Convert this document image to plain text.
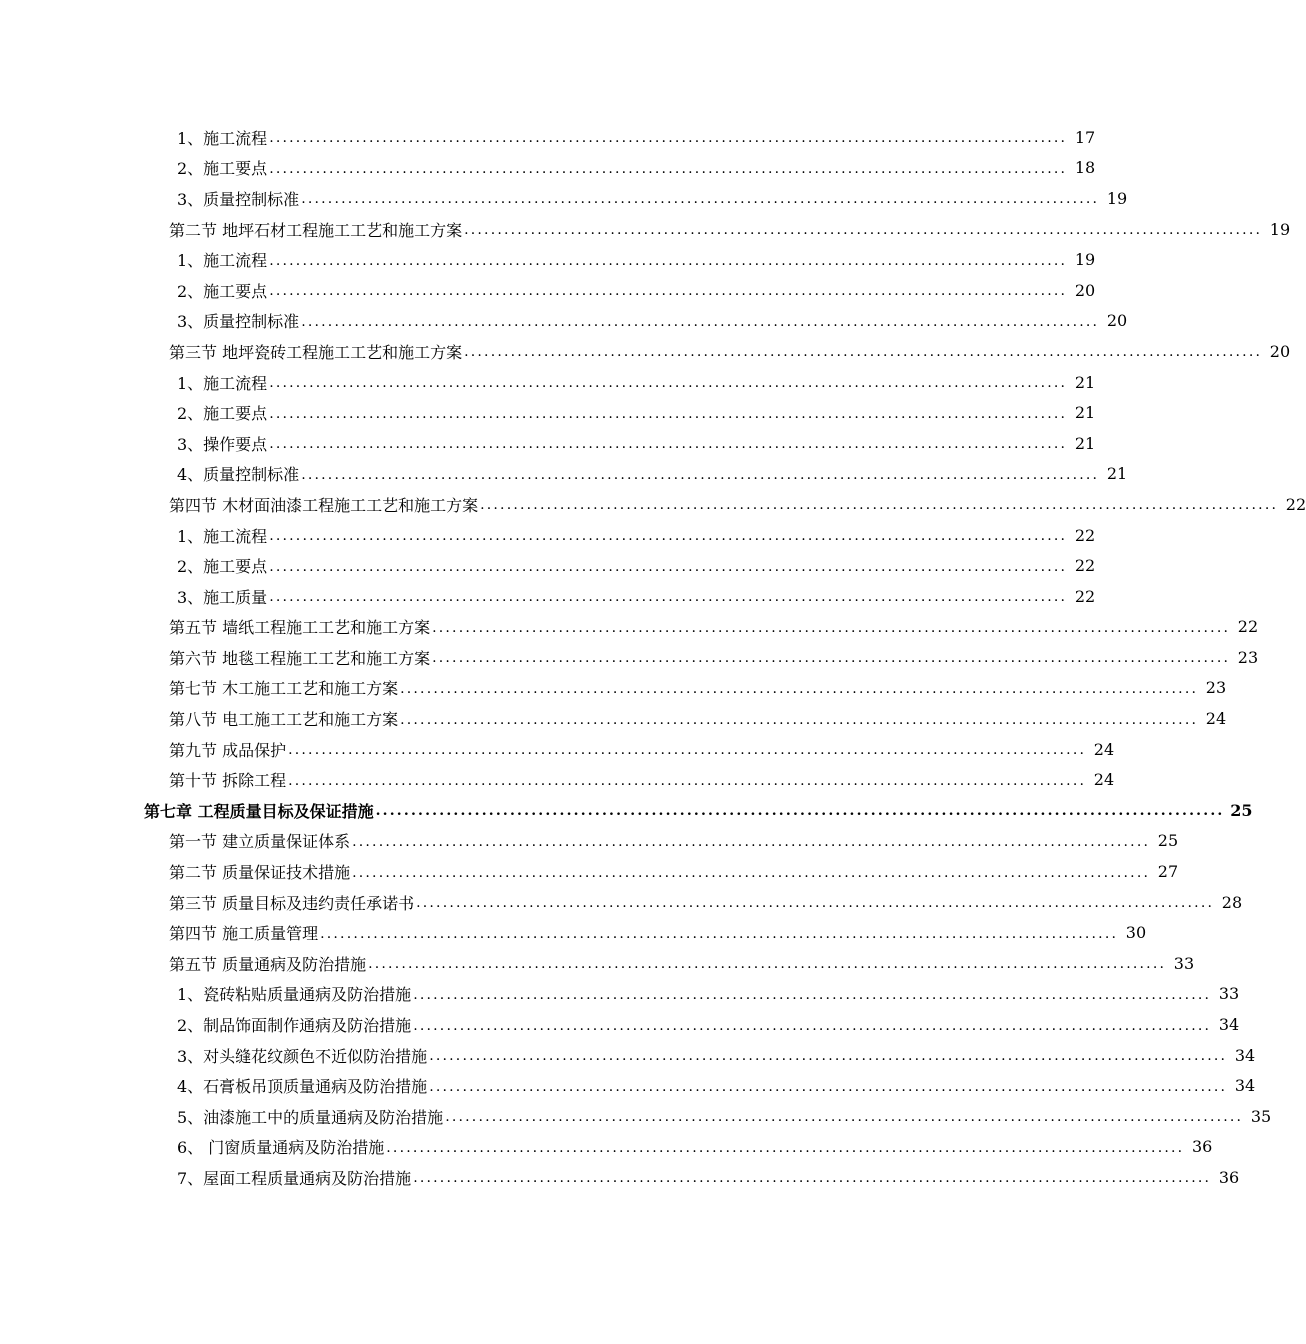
1、施工流程 ........................................................................................................................ 17
2、施工要点 ........................................................................................................................ 18
3、质量控制标准 ........................................................................................................................ 19
第二节 地坪石材工程施工工艺和施工方案 ........................................................................................................................ 19
1、施工流程 ........................................................................................................................ 19
2、施工要点 ........................................................................................................................ 20
3、质量控制标准 ........................................................................................................................ 20
第三节 地坪瓷砖工程施工工艺和施工方案 ........................................................................................................................ 20
1、施工流程 ........................................................................................................................ 21
2、施工要点 ........................................................................................................................ 21
3、操作要点 ........................................................................................................................ 21
4、质量控制标准 ........................................................................................................................ 21
第四节 木材面油漆工程施工工艺和施工方案 ........................................................................................................................ 22
1、施工流程 ........................................................................................................................ 22
2、施工要点 ........................................................................................................................ 22
3、施工质量 ........................................................................................................................ 22
第五节 墙纸工程施工工艺和施工方案 ........................................................................................................................ 22
第六节 地毯工程施工工艺和施工方案 ........................................................................................................................ 23
第七节 木工施工工艺和施工方案 ........................................................................................................................ 23
第八节 电工施工工艺和施工方案 ........................................................................................................................ 24
第九节 成品保护 ........................................................................................................................ 24
第十节 拆除工程 ........................................................................................................................ 24
第七章 工程质量目标及保证措施 ........................................................................................................................ 25
第一节 建立质量保证体系 ........................................................................................................................ 25
第二节 质量保证技术措施 ........................................................................................................................ 27
第三节 质量目标及违约责任承诺书 ........................................................................................................................ 28
第四节 施工质量管理 ........................................................................................................................ 30
第五节 质量通病及防治措施 ........................................................................................................................ 33
1、瓷砖粘贴质量通病及防治措施 ........................................................................................................................ 33
2、制品饰面制作通病及防治措施 ........................................................................................................................ 34
3、对头缝花纹颜色不近似防治措施 ........................................................................................................................ 34
4、石膏板吊顶质量通病及防治措施 ........................................................................................................................ 34
5、油漆施工中的质量通病及防治措施 ........................................................................................................................ 35
6、 门窗质量通病及防治措施 ........................................................................................................................ 36
7、屋面工程质量通病及防治措施 ........................................................................................................................ 36
